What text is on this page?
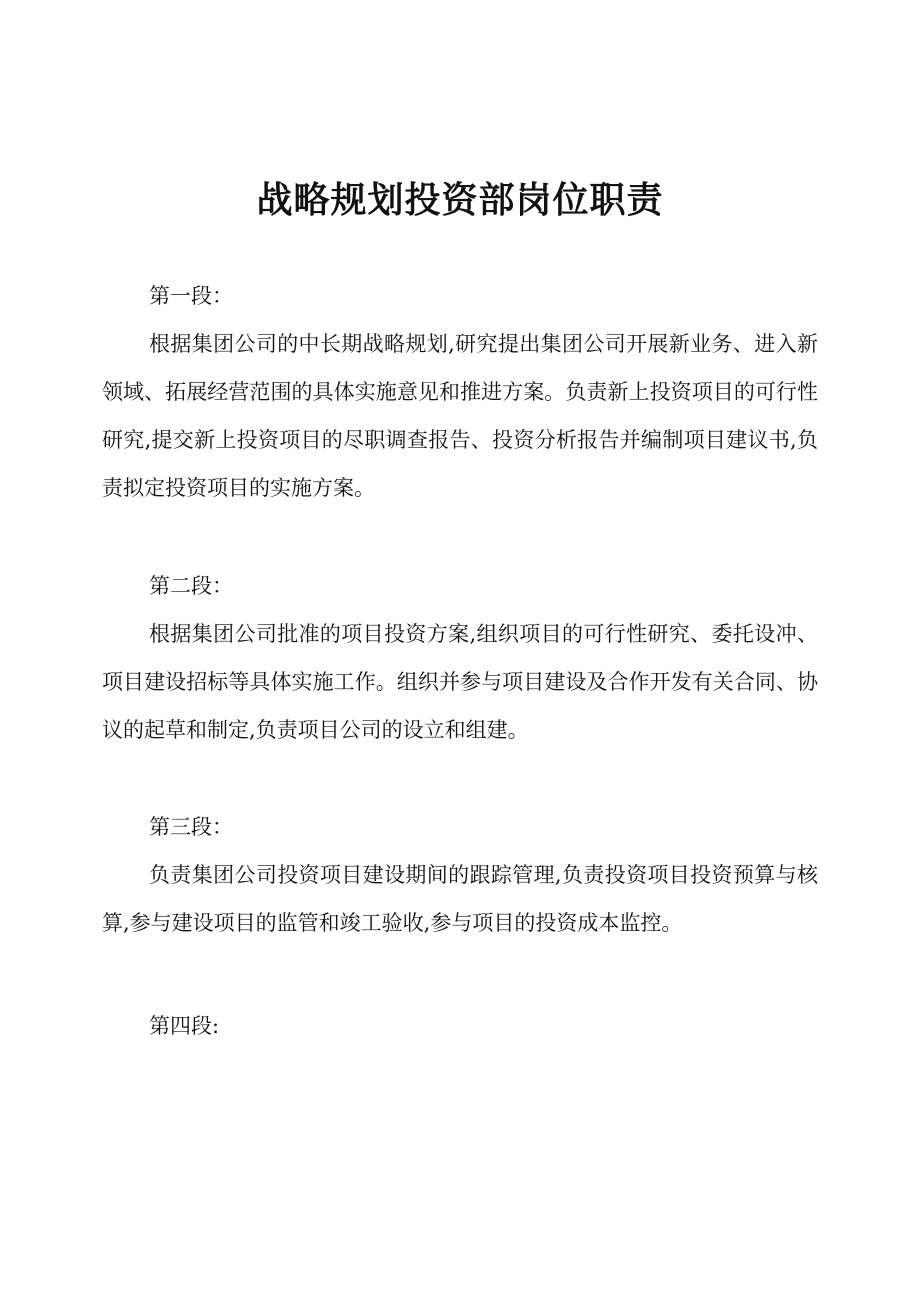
战略规划投资部岗位职责

第一段：

根据集团公司的中长期战略规划,研究提出集团公司开展新业务、进入新领域、拓展经营范围的具体实施意见和推进方案。负责新上投资项目的可行性研究,提交新上投资项目的尽职调查报告、投资分析报告并编制项目建议书,负责拟定投资项目的实施方案。

第二段：

根据集团公司批准的项目投资方案,组织项目的可行性研究、委托设冲、项目建设招标等具体实施工作。组织并参与项目建设及合作开发有关合同、协议的起草和制定,负责项目公司的设立和组建。

第三段：

负责集团公司投资项目建设期间的跟踪管理,负责投资项目投资预算与核算,参与建设项目的监管和竣工验收,参与项目的投资成本监控。

第四段:
